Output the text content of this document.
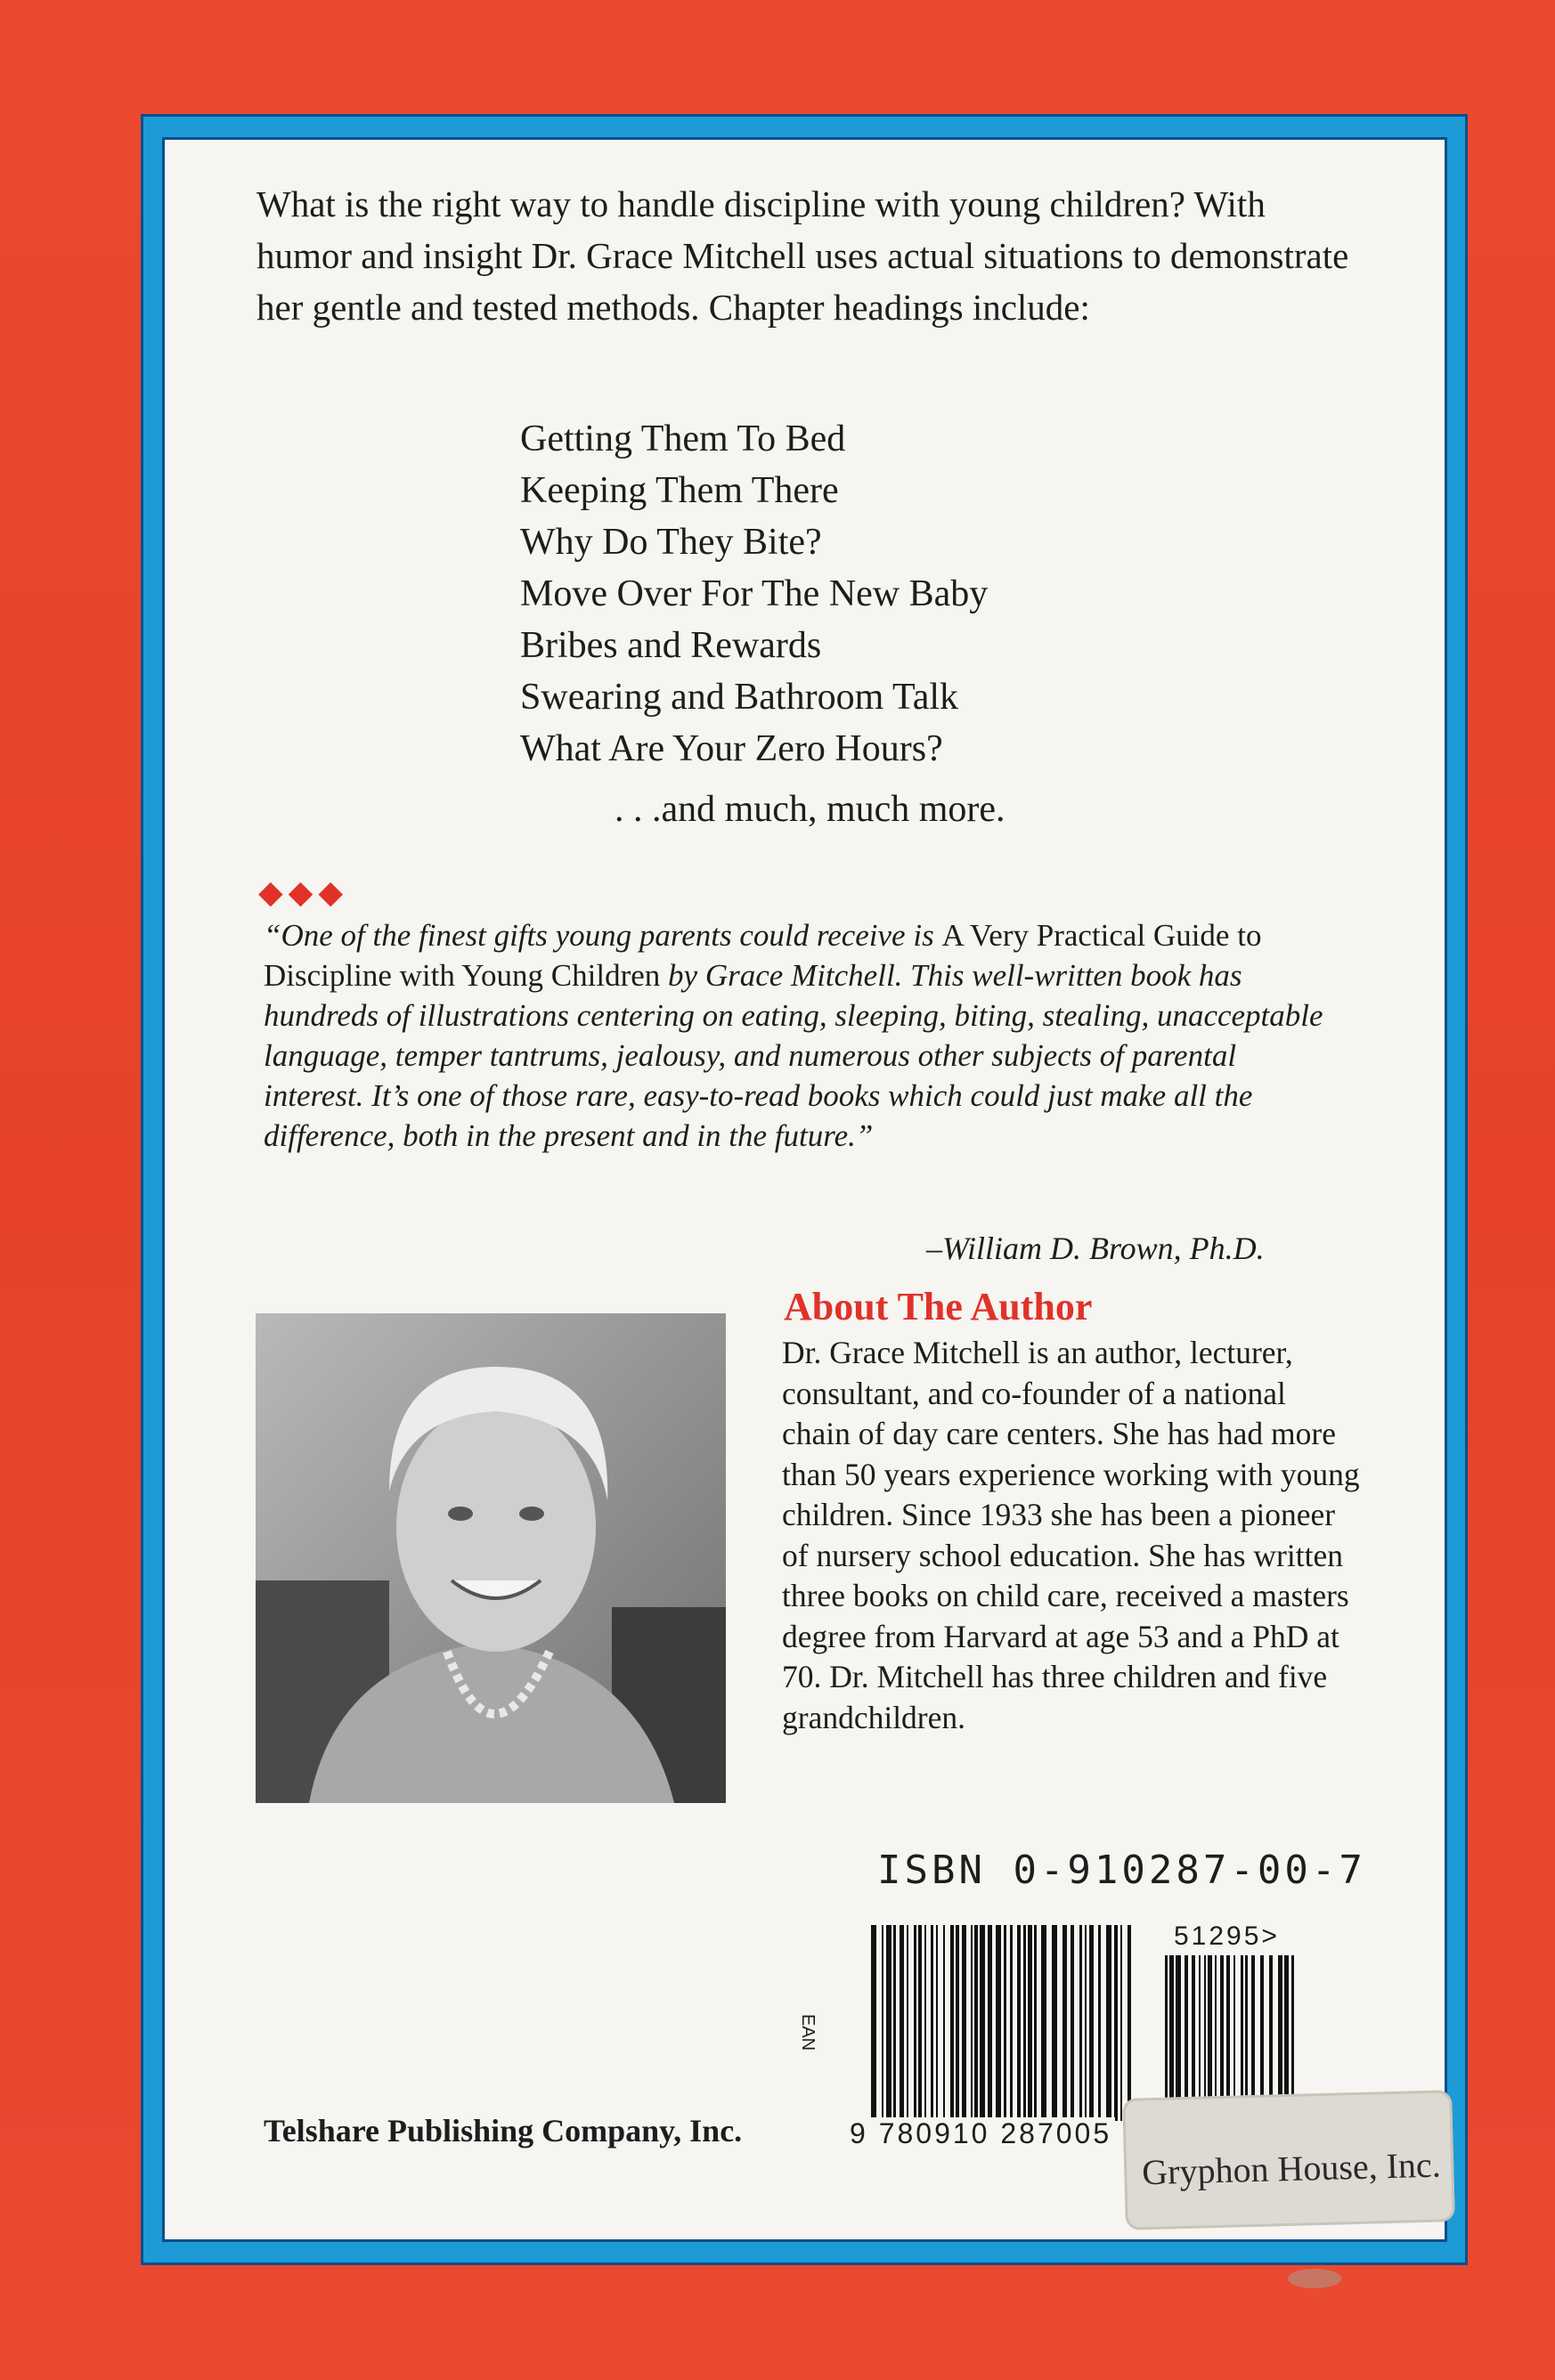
What is the right way to handle discipline with young children? With humor and insight Dr. Grace Mitchell uses actual situations to demonstrate her gentle and tested methods. Chapter headings include:

Getting Them To Bed
Keeping Them There
Why Do They Bite?
Move Over For The New Baby
Bribes and Rewards
Swearing and Bathroom Talk
What Are Your Zero Hours?

. . .and much, much more.

◆◆◆

“One of the finest gifts young parents could receive is A Very Practical Guide to Discipline with Young Children by Grace Mitchell. This well-written book has hundreds of illustrations centering on eating, sleeping, biting, stealing, unacceptable language, temper tantrums, jealousy, and numerous other subjects of parental interest. It’s one of those rare, easy-to-read books which could just make all the difference, both in the present and in the future.”

–William D. Brown, Ph.D.

About The Author

Dr. Grace Mitchell is an author, lecturer, consultant, and co-founder of a national chain of day care centers. She has had more than 50 years experience working with young children. Since 1933 she has been a pioneer of nursery school education. She has written three books on child care, received a masters degree from Harvard at age 53 and a PhD at 70. Dr. Mitchell has three children and five grandchildren.

ISBN 0-910287-00-7

EAN
51295>
9 780910 287005

Telshare Publishing Company, Inc.

Gryphon House, Inc.
